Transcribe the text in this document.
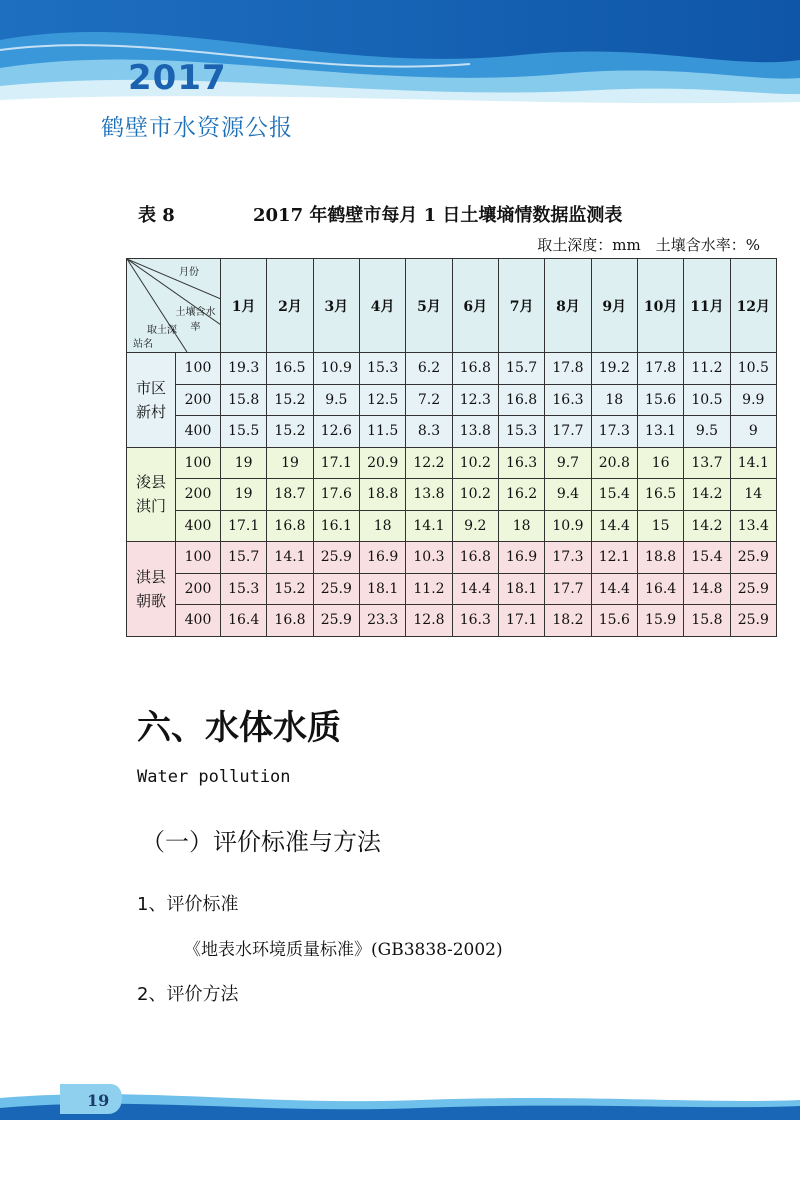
2017
鹤壁市水资源公报
表 8	2017 年鹤壁市每月 1 日土壤墒情数据监测表
取土深度：mm　土壤含水率：%
月份
土壤含水率
取土深
站名		1月	2月	3月	4月	5月	6月	7月	8月	9月	10月	11月	12月

市区
新村	100	19.3	16.5	10.9	15.3	6.2	16.8	15.7	17.8	19.2	17.8	11.2	10.5
	200	15.8	15.2	9.5	12.5	7.2	12.3	16.8	16.3	18	15.6	10.5	9.9
	400	15.5	15.2	12.6	11.5	8.3	13.8	15.3	17.7	17.3	13.1	9.5	9

浚县
淇门	100	19	19	17.1	20.9	12.2	10.2	16.3	9.7	20.8	16	13.7	14.1
	200	19	18.7	17.6	18.8	13.8	10.2	16.2	9.4	15.4	16.5	14.2	14
	400	17.1	16.8	16.1	18	14.1	9.2	18	10.9	14.4	15	14.2	13.4

淇县
朝歌	100	15.7	14.1	25.9	16.9	10.3	16.8	16.9	17.3	12.1	18.8	15.4	25.9
	200	15.3	15.2	25.9	18.1	11.2	14.4	18.1	17.7	14.4	16.4	14.8	25.9
	400	16.4	16.8	25.9	23.3	12.8	16.3	17.1	18.2	15.6	15.9	15.8	25.9
六、水体水质
Water pollution
（一）评价标准与方法
1、评价标准
《地表水环境质量标准》(GB3838-2002)
2、评价方法
19
